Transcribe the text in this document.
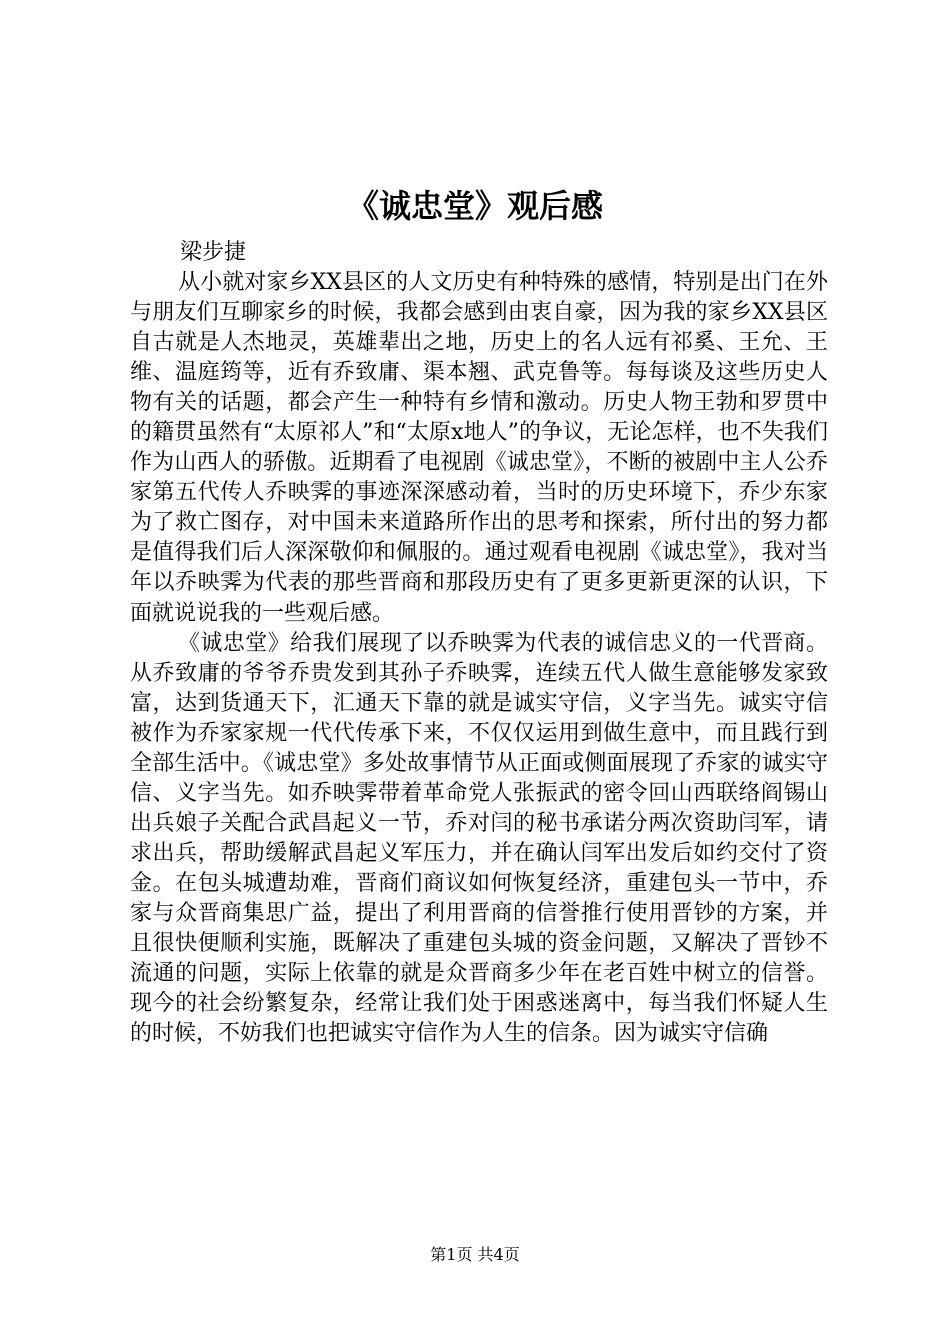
《诚忠堂》观后感

梁步捷

从小就对家乡XX县区的人文历史有种特殊的感情，特别是出门在外与朋友们互聊家乡的时候，我都会感到由衷自豪，因为我的家乡XX县区自古就是人杰地灵，英雄辈出之地，历史上的名人远有祁奚、王允、王维、温庭筠等，近有乔致庸、渠本翘、武克鲁等。每每谈及这些历史人物有关的话题，都会产生一种特有乡情和激动。历史人物王勃和罗贯中的籍贯虽然有“太原祁人”和“太原x地人”的争议，无论怎样，也不失我们作为山西人的骄傲。近期看了电视剧《诚忠堂》，不断的被剧中主人公乔家第五代传人乔映霁的事迹深深感动着，当时的历史环境下，乔少东家为了救亡图存，对中国未来道路所作出的思考和探索，所付出的努力都是值得我们后人深深敬仰和佩服的。通过观看电视剧《诚忠堂》，我对当年以乔映霁为代表的那些晋商和那段历史有了更多更新更深的认识，下面就说说我的一些观后感。

《诚忠堂》给我们展现了以乔映霁为代表的诚信忠义的一代晋商。从乔致庸的爷爷乔贵发到其孙子乔映霁，连续五代人做生意能够发家致富，达到货通天下，汇通天下靠的就是诚实守信，义字当先。诚实守信被作为乔家家规一代代传承下来，不仅仅运用到做生意中，而且践行到全部生活中。《诚忠堂》多处故事情节从正面或侧面展现了乔家的诚实守信、义字当先。如乔映霁带着革命党人张振武的密令回山西联络阎锡山出兵娘子关配合武昌起义一节，乔对闫的秘书承诺分两次资助闫军，请求出兵，帮助缓解武昌起义军压力，并在确认闫军出发后如约交付了资金。在包头城遭劫难，晋商们商议如何恢复经济，重建包头一节中，乔家与众晋商集思广益，提出了利用晋商的信誉推行使用晋钞的方案，并且很快便顺利实施，既解决了重建包头城的资金问题，又解决了晋钞不流通的问题，实际上依靠的就是众晋商多少年在老百姓中树立的信誉。现今的社会纷繁复杂，经常让我们处于困惑迷离中，每当我们怀疑人生的时候，不妨我们也把诚实守信作为人生的信条。因为诚实守信确

第1页 共4页
